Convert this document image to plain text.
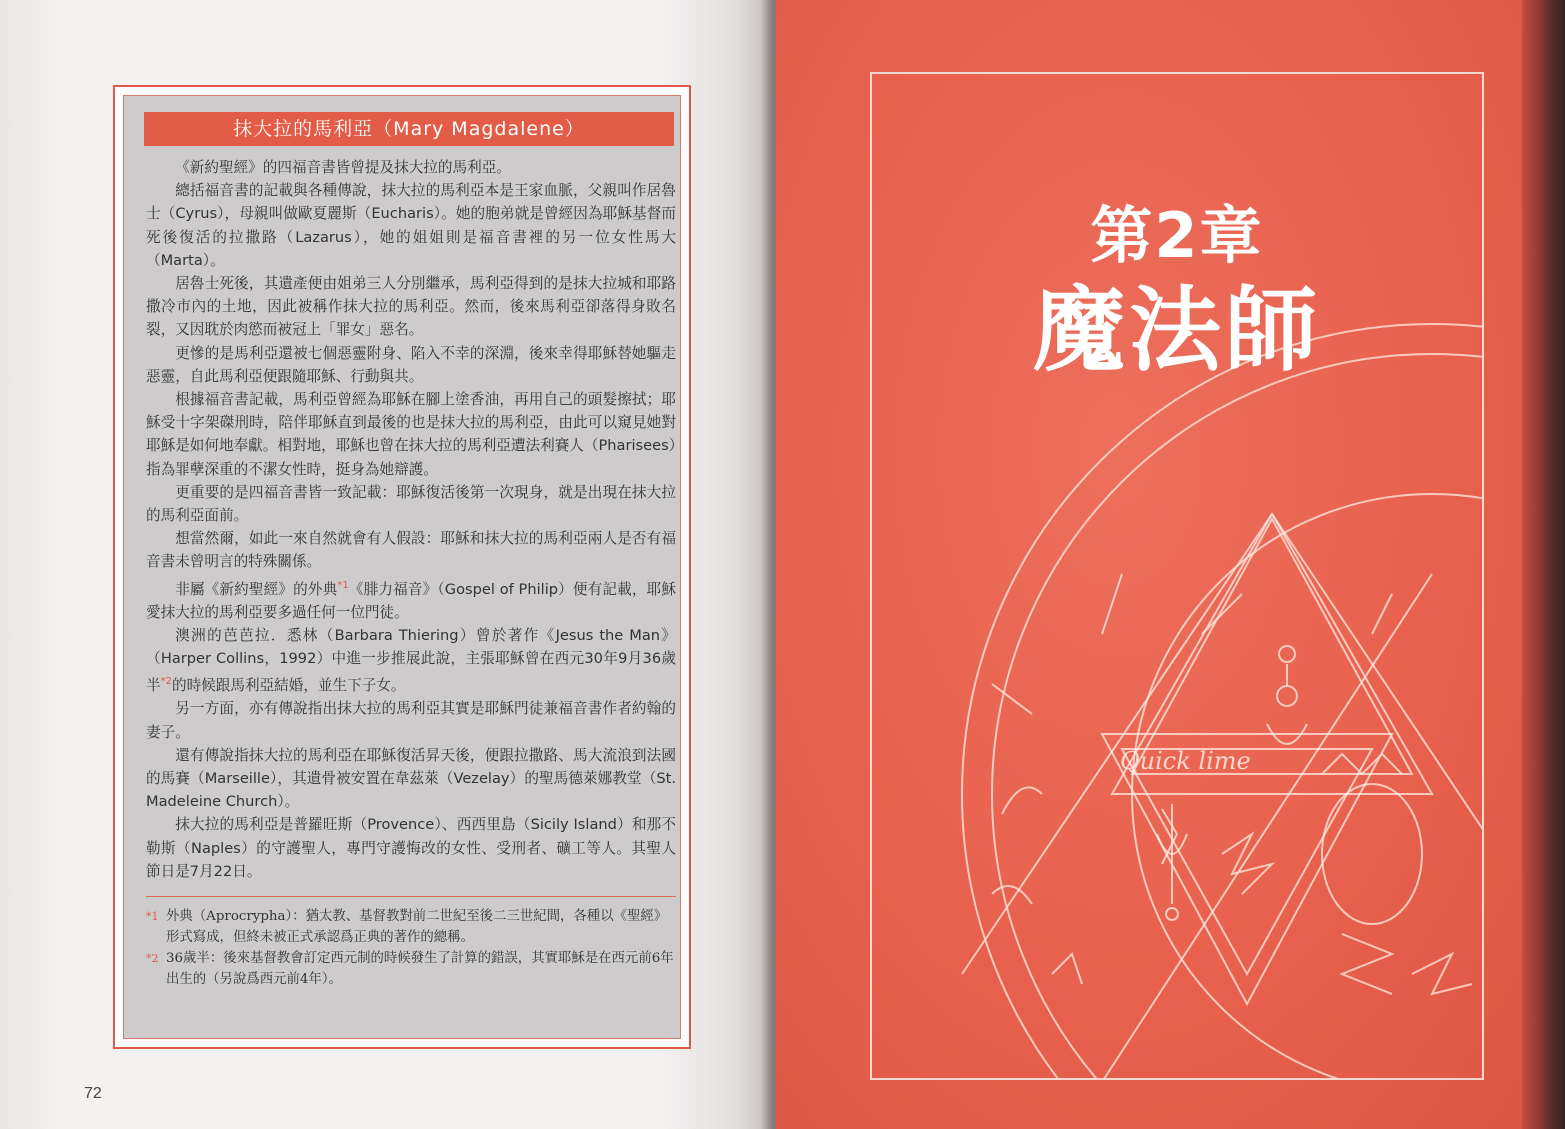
抹大拉的馬利亞（Mary Magdalene）

《新約聖經》的四福音書皆曾提及抹大拉的馬利亞。

總括福音書的記載與各種傳說，抹大拉的馬利亞本是王家血脈，父親叫作居魯士（Cyrus），母親叫做歐夏麗斯（Eucharis）。她的胞弟就是曾經因為耶穌基督而死後復活的拉撒路（Lazarus），她的姐姐則是福音書裡的另一位女性馬大（Marta）。

居魯士死後，其遺產便由姐弟三人分別繼承，馬利亞得到的是抹大拉城和耶路撒冷市內的土地，因此被稱作抹大拉的馬利亞。然而，後來馬利亞卻落得身敗名裂，又因耽於肉慾而被冠上「罪女」惡名。

更慘的是馬利亞還被七個惡靈附身、陷入不幸的深淵，後來幸得耶穌替她驅走惡靈，自此馬利亞便跟隨耶穌、行動與共。

根據福音書記載，馬利亞曾經為耶穌在腳上塗香油，再用自己的頭髮擦拭；耶穌受十字架磔刑時，陪伴耶穌直到最後的也是抹大拉的馬利亞，由此可以窺見她對耶穌是如何地奉獻。相對地，耶穌也曾在抹大拉的馬利亞遭法利賽人（Pharisees）指為罪孽深重的不潔女性時，挺身為她辯護。

更重要的是四福音書皆一致記載：耶穌復活後第一次現身，就是出現在抹大拉的馬利亞面前。

想當然爾，如此一來自然就會有人假設：耶穌和抹大拉的馬利亞兩人是否有福音書未曾明言的特殊關係。

非屬《新約聖經》的外典$^{*1}$《腓力福音》（Gospel of Philip）便有記載，耶穌愛抹大拉的馬利亞要多過任何一位門徒。

澳洲的芭芭拉．悉林（Barbara Thiering）曾於著作《Jesus the Man》（Harper Collins，1992）中進一步推展此說，主張耶穌曾在西元30年9月36歲半$^{*2}$的時候跟馬利亞結婚，並生下子女。

另一方面，亦有傳說指出抹大拉的馬利亞其實是耶穌門徒兼福音書作者約翰的妻子。

還有傳說指抹大拉的馬利亞在耶穌復活昇天後，便跟拉撒路、馬大流浪到法國的馬賽（Marseille），其遺骨被安置在韋茲萊（Vezelay）的聖馬德萊娜教堂（St. Madeleine Church）。

抹大拉的馬利亞是普羅旺斯（Provence）、西西里島（Sicily Island）和那不勒斯（Naples）的守護聖人，專門守護悔改的女性、受刑者、礦工等人。其聖人節日是7月22日。

*1 外典（Aprocrypha）：猶太教、基督教對前二世紀至後二三世紀間，各種以《聖經》形式寫成，但終未被正式承認爲正典的著作的總稱。

*2 36歲半：後來基督教會訂定西元制的時候發生了計算的錯誤，其實耶穌是在西元前6年出生的（另說爲西元前4年）。

72
Quick lime
第2章
魔法師
